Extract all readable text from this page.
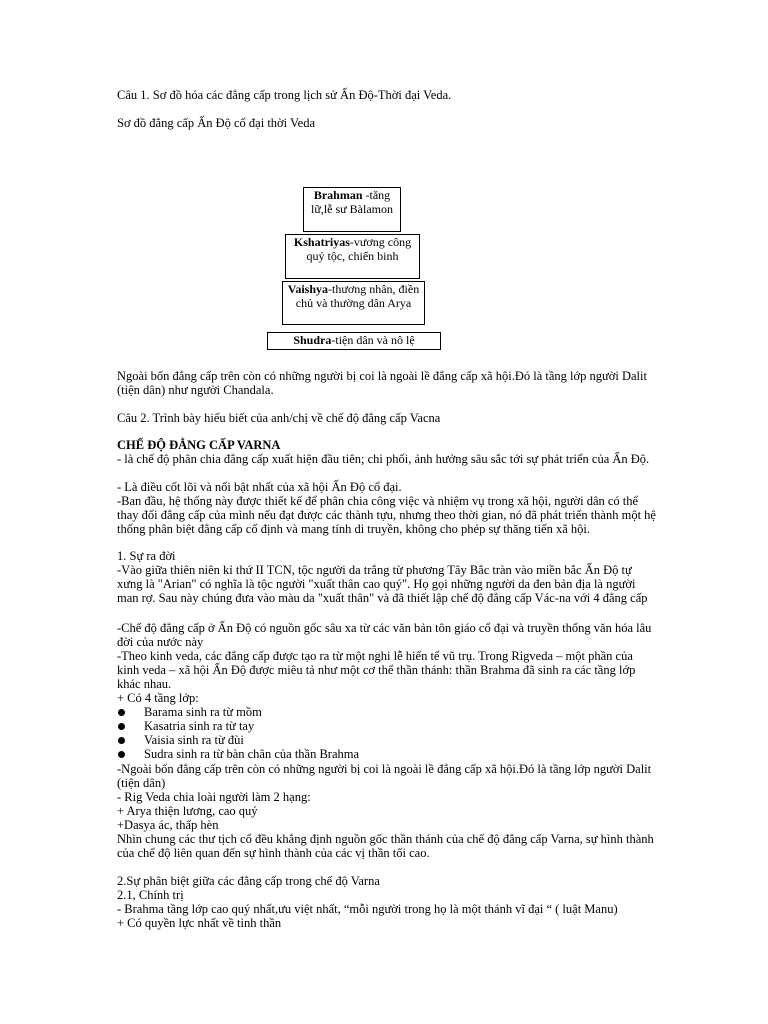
Câu 1. Sơ đồ hóa các đẳng cấp trong lịch sử Ấn Độ-Thời đại Veda.
Sơ đồ đẳng cấp Ấn Độ cổ đại thời Veda
Brahman -tăng lữ,lễ sư Bàlamon
Kshatriyas-vương công quý tộc, chiến binh
Vaishya-thương nhân, điền chủ và thường dân Arya
Shudra-tiện dân và nô lệ
Ngoài bốn đẳng cấp trên còn có những người bị coi là ngoài lề đẳng cấp xã hội.Đó là tầng lớp người Dalit (tiện dân) như người Chandala.
Câu 2. Trình bày hiểu biết của anh/chị về chế độ đẳng cấp Vacna
CHẾ ĐỘ ĐẲNG CẤP VARNA
- là chế độ phân chia đẳng cấp xuất hiện đầu tiên; chi phối, ảnh hưởng sâu sắc tới sự phát triển của Ấn Độ.
- Là điều cốt lõi và nổi bật nhất của xã hội Ấn Độ cổ đại.
-Ban đầu, hệ thống này được thiết kế để phân chia công việc và nhiệm vụ trong xã hội, người dân có thể thay đổi đẳng cấp của mình nếu đạt được các thành tựu, nhưng theo thời gian, nó đã phát triển thành một hệ thống phân biệt đẳng cấp cố định và mang tính di truyền, không cho phép sự thăng tiến xã hội.
1. Sự ra đời
-Vào giữa thiên niên kỉ thứ II TCN, tộc người da trắng từ phương Tây Bắc tràn vào miền bắc Ấn Độ tự xưng là "Arian" có nghĩa là tộc người "xuất thân cao quý". Họ gọi những người da đen bản địa là người man rợ. Sau này chúng đưa vào màu da "xuất thân" và đã thiết lập chế độ đẳng cấp Vác-na với 4 đẳng cấp
-Chế độ đẳng cấp ở Ấn Độ có nguồn gốc sâu xa từ các văn bản tôn giáo cổ đại và truyền thống văn hóa lâu đời của nước này
-Theo kinh veda, các đẳng cấp được tạo ra từ một nghi lễ hiến tế vũ trụ. Trong Rigveda – một phần của kinh veda – xã hội Ấn Độ được miêu tả như một cơ thể thần thánh: thần Brahma đã sinh ra các tầng lớp khác nhau.
+ Có 4 tầng lớp:
Barama sinh ra từ mồm
Kasatria sinh ra từ tay
Vaisia sinh ra từ đùi
Sudra sinh ra từ bàn chân của thần Brahma
-Ngoài bốn đẳng cấp trên còn có những người bị coi là ngoài lề đẳng cấp xã hội.Đó là tầng lớp người Dalit (tiện dân)
- Rig Veda chia loài người làm 2 hạng:
+ Arya thiện lương, cao quý
+Dasya ác, thấp hèn
Nhìn chung các thư tịch cổ đều khẳng định nguồn gốc thần thánh của chế độ đẳng cấp Varna, sự hình thành của chế độ liên quan đến sự hình thành của các vị thần tối cao.
2.Sự phân biệt giữa các đẳng cấp trong chế độ Varna
2.1, Chính trị
- Brahma tầng lớp cao quý nhất,ưu việt nhất, “mỗi người trong họ là một thánh vĩ đại “ ( luật Manu)
+ Có quyền lực nhất về tinh thần
